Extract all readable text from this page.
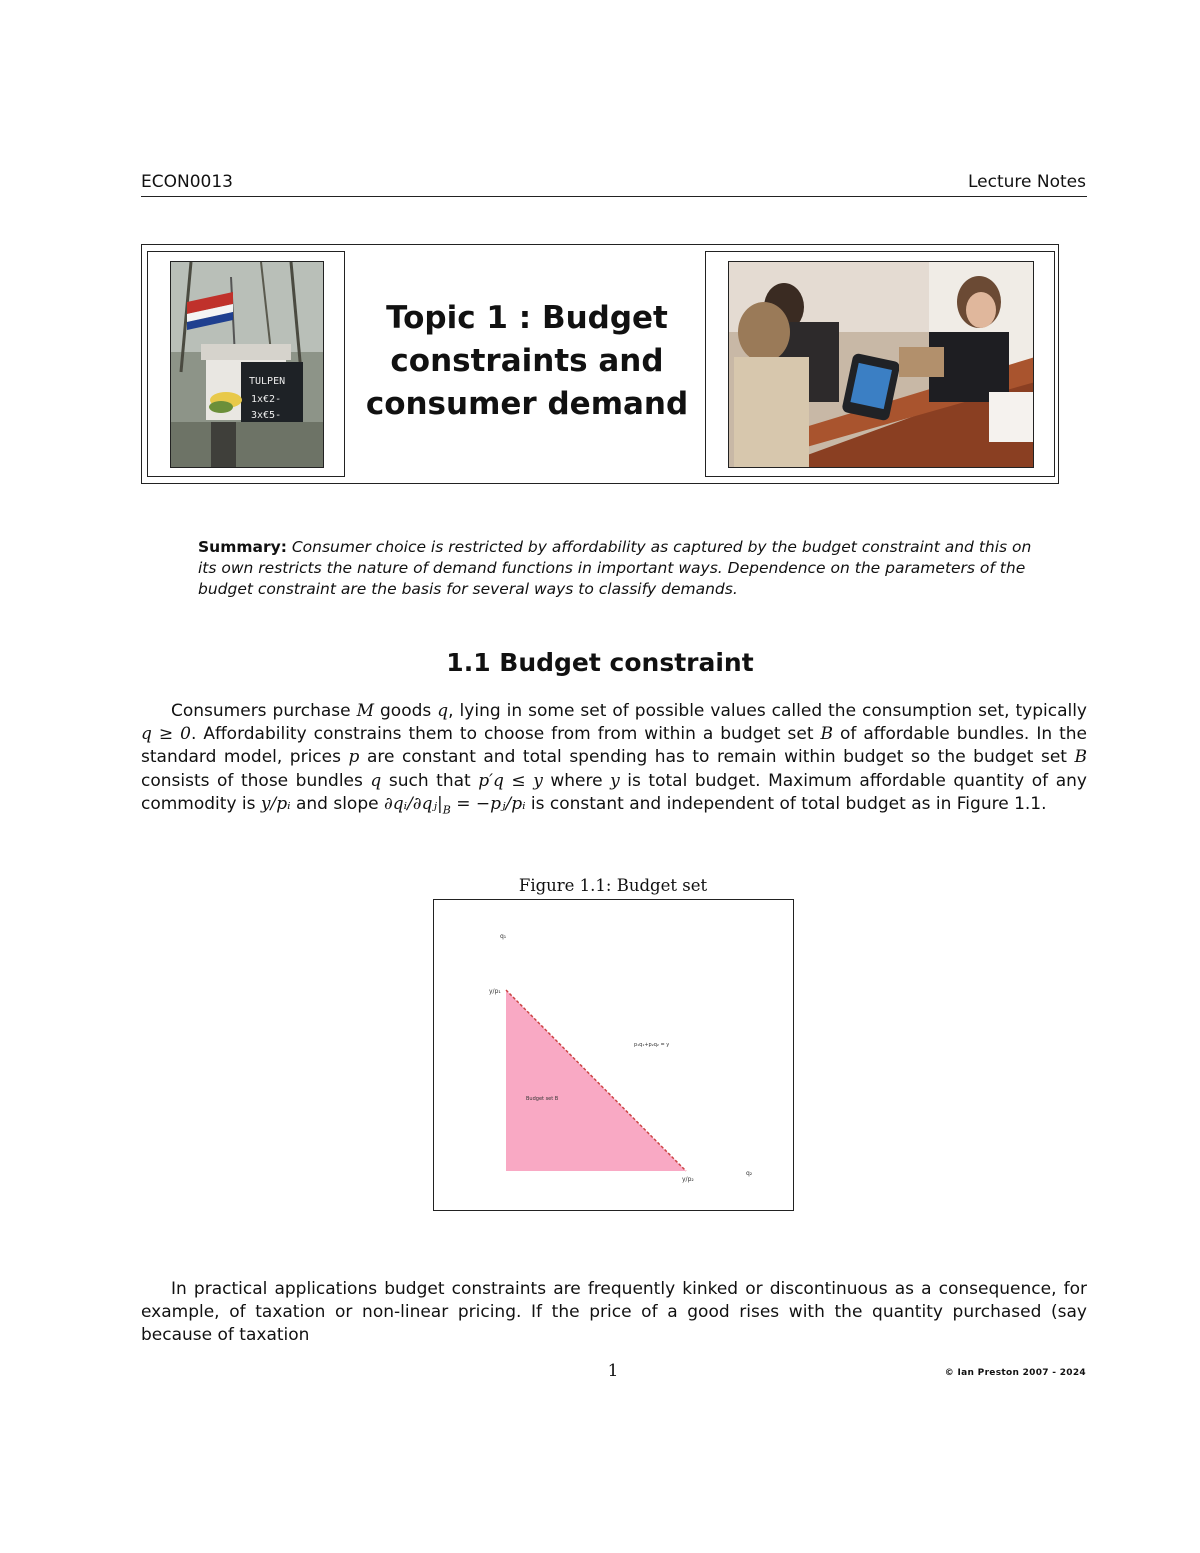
ECON0013	Lecture Notes
TULPEN
1x€2-
3x€5-
Topic 1 : Budget
constraints and
consumer demand
Summary: Consumer choice is restricted by affordability as captured by the budget constraint and this on its own restricts the nature of demand functions in important ways. Dependence on the parameters of the budget constraint are the basis for several ways to classify demands.
1.1 Budget constraint

Consumers purchase M goods q, lying in some set of possible values called the consumption set, typically q ≥ 0. Affordability constrains them to choose from from within a budget set B of affordable bundles. In the standard model, prices p are constant and total spending has to remain within budget so the budget set B consists of those bundles q such that p′q ≤ y where y is total budget. Maximum affordable quantity of any commodity is y/pᵢ and slope $\partial qᵢ/\partial qⱼ|_B$ = −pⱼ/pᵢ is constant and independent of total budget as in Figure 1.1.

Figure 1.1: Budget set
q₁
y/p₁
p₁q₁+p₂q₂ = y
Budget set B
y/p₂
q₂

In practical applications budget constraints are frequently kinked or discontinuous as a consequence, for example, of taxation or non-linear pricing. If the price of a good rises with the quantity purchased (say because of taxation

1	© Ian Preston 2007 - 2024
